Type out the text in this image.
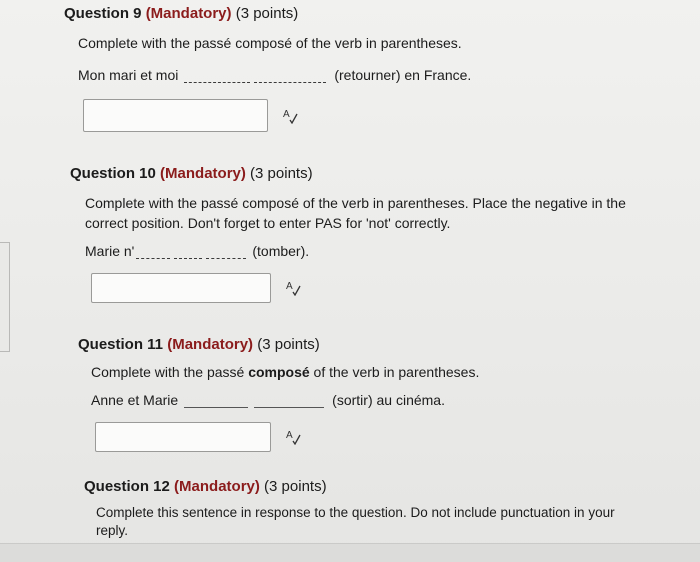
Question 9 (Mandatory) (3 points)
Complete with the passé composé of the verb in parentheses.
Mon mari et moi	(retourner) en France.
A
Question 10 (Mandatory) (3 points)
Complete with the passé composé of the verb in parentheses. Place the negative in the correct position. Don't forget to enter PAS for 'not' correctly.
Marie n'	(tomber).
A
Question 11 (Mandatory) (3 points)
Complete with the passé composé of the verb in parentheses.
Anne et Marie	(sortir) au cinéma.
A
Question 12 (Mandatory) (3 points)
Complete this sentence in response to the question. Do not include punctuation in your reply.
